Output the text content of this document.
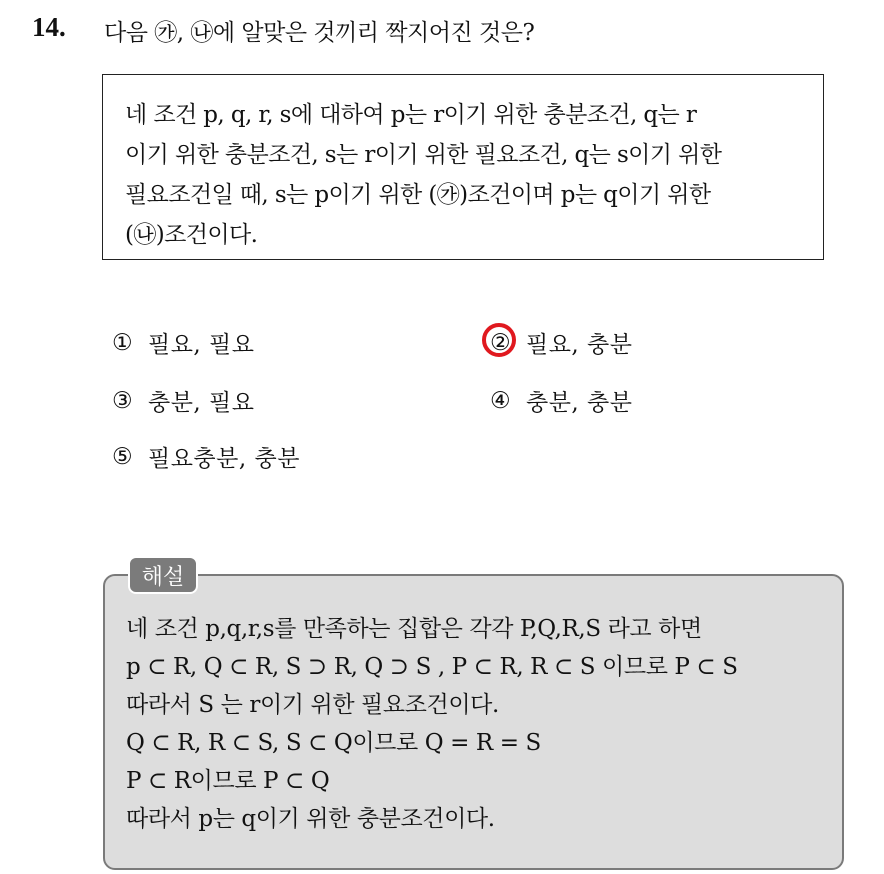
14. 다음 ㉮, ㉯에 알맞은 것끼리 짝지어진 것은?
네 조건 p, q, r, s에 대하여 p는 r이기 위한 충분조건, q는 r
이기 위한 충분조건, s는 r이기 위한 필요조건, q는 s이기 위한
필요조건일 때, s는 p이기 위한 (㉮)조건이며 p는 q이기 위한
(㉯)조건이다.
① 필요, 필요	② 필요, 충분
③ 충분, 필요	④ 충분, 충분
⑤ 필요충분, 충분
해설
네 조건 p,q,r,s를 만족하는 집합은 각각 P,Q,R,S 라고 하면
p ⊂ R, Q ⊂ R, S ⊃ R, Q ⊃ S , P ⊂ R, R ⊂ S 이므로 P ⊂ S
따라서 S 는 r이기 위한 필요조건이다.
Q ⊂ R, R ⊂ S, S ⊂ Q이므로 Q = R = S
P ⊂ R이므로 P ⊂ Q
따라서 p는 q이기 위한 충분조건이다.
